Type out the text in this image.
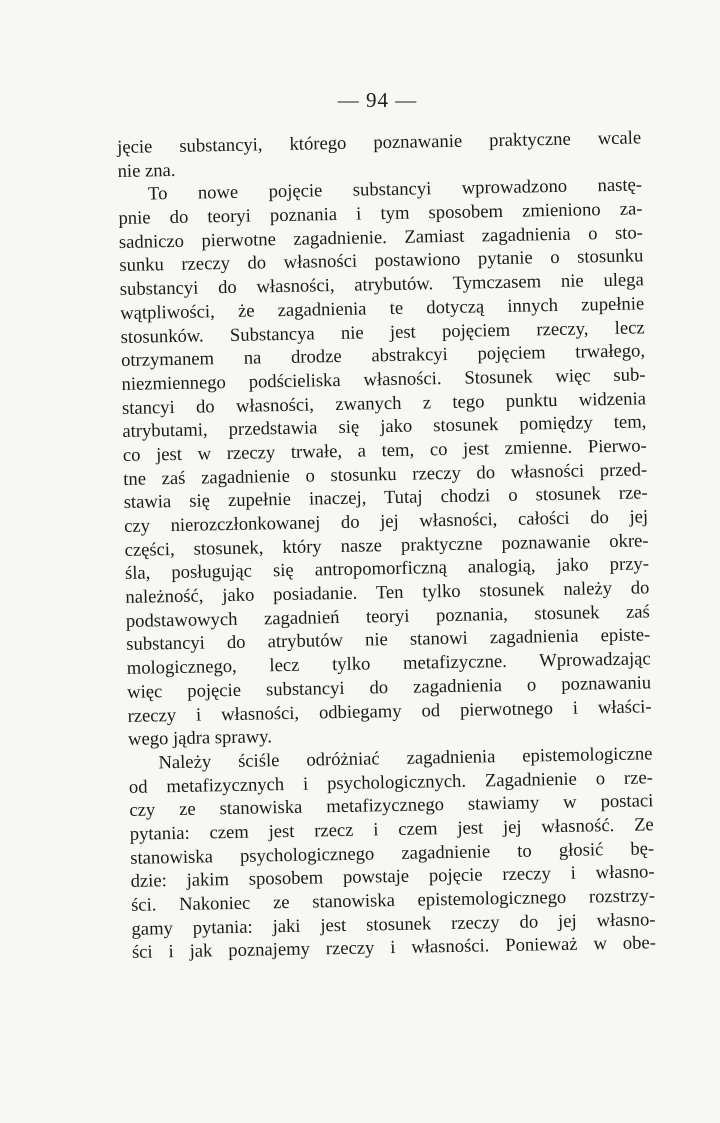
— 94 —
jęcie substancyi, którego poznawanie praktyczne wcale
nie zna.
To nowe pojęcie substancyi wprowadzono nastę-
pnie do teoryi poznania i tym sposobem zmieniono za-
sadniczo pierwotne zagadnienie. Zamiast zagadnienia o sto-
sunku rzeczy do własności postawiono pytanie o stosunku
substancyi do własności, atrybutów. Tymczasem nie ulega
wątpliwości, że zagadnienia te dotyczą innych zupełnie
stosunków. Substancya nie jest pojęciem rzeczy, lecz
otrzymanem na drodze abstrakcyi pojęciem trwałego,
niezmiennego podścieliska własności. Stosunek więc sub-
stancyi do własności, zwanych z tego punktu widzenia
atrybutami, przedstawia się jako stosunek pomiędzy tem,
co jest w rzeczy trwałe, a tem, co jest zmienne. Pierwo-
tne zaś zagadnienie o stosunku rzeczy do własności przed-
stawia się zupełnie inaczej, Tutaj chodzi o stosunek rze-
czy nierozczłonkowanej do jej własności, całości do jej
części, stosunek, który nasze praktyczne poznawanie okre-
śla, posługując się antropomorficzną analogią, jako przy-
należność, jako posiadanie. Ten tylko stosunek należy do
podstawowych zagadnień teoryi poznania, stosunek zaś
substancyi do atrybutów nie stanowi zagadnienia episte-
mologicznego, lecz tylko metafizyczne. Wprowadzając
więc pojęcie substancyi do zagadnienia o poznawaniu
rzeczy i własności, odbiegamy od pierwotnego i właści-
wego jądra sprawy.
Należy ściśle odróżniać zagadnienia epistemologiczne
od metafizycznych i psychologicznych. Zagadnienie o rze-
czy ze stanowiska metafizycznego stawiamy w postaci
pytania: czem jest rzecz i czem jest jej własność. Ze
stanowiska psychologicznego zagadnienie to głosić bę-
dzie: jakim sposobem powstaje pojęcie rzeczy i własno-
ści. Nakoniec ze stanowiska epistemologicznego rozstrzy-
gamy pytania: jaki jest stosunek rzeczy do jej własno-
ści i jak poznajemy rzeczy i własności. Ponieważ w obe-
